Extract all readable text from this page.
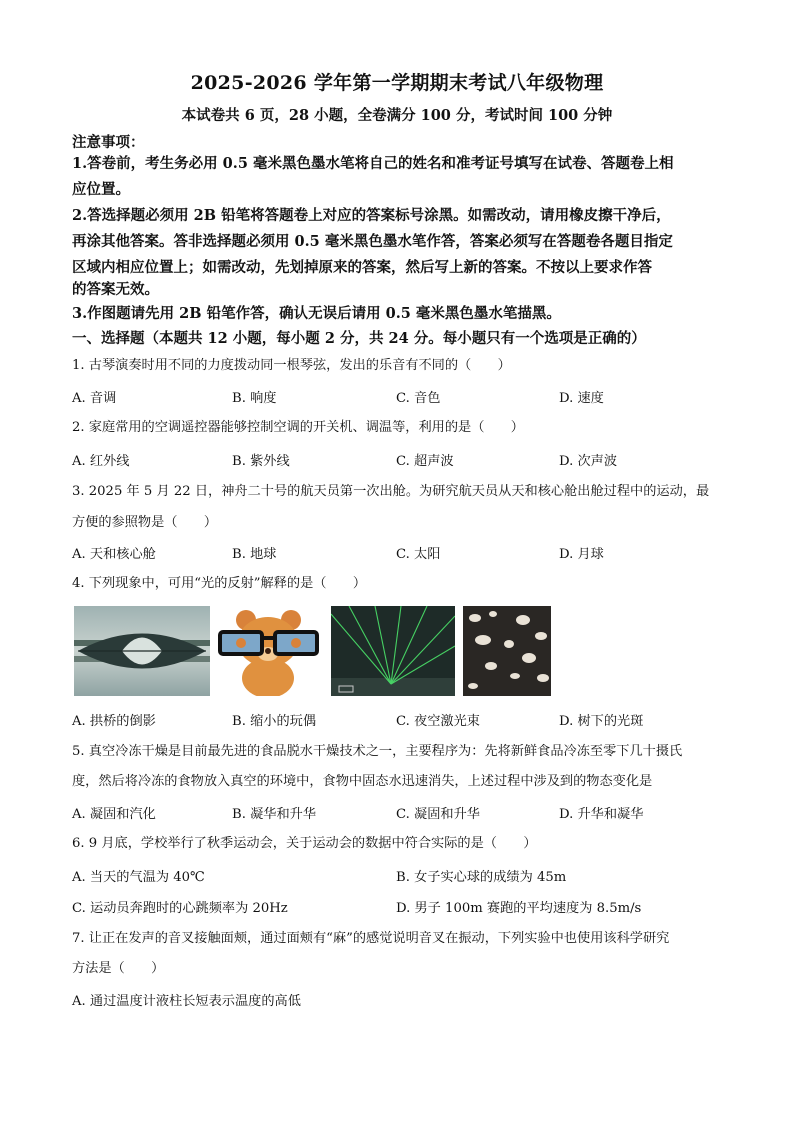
2025-2026 学年第一学期期末考试八年级物理
本试卷共 6 页，28 小题，全卷满分 100 分，考试时间 100 分钟
注意事项：
1.答卷前，考生务必用 0.5 毫米黑色墨水笔将自己的姓名和准考证号填写在试卷、答题卷上相
应位置。
2.答选择题必须用 2B 铅笔将答题卷上对应的答案标号涂黑。如需改动，请用橡皮擦干净后，
再涂其他答案。答非选择题必须用 0.5 毫米黑色墨水笔作答，答案必须写在答题卷各题目指定
区域内相应位置上；如需改动，先划掉原来的答案，然后写上新的答案。不按以上要求作答
的答案无效。
3.作图题请先用 2B 铅笔作答，确认无误后请用 0.5 毫米黑色墨水笔描黑。
一、选择题（本题共 12 小题，每小题 2 分，共 24 分。每小题只有一个选项是正确的）
1. 古琴演奏时用不同的力度拨动同一根琴弦，发出的乐音有不同的（　　）
A. 音调	B. 响度	C. 音色	D. 速度
2. 家庭常用的空调遥控器能够控制空调的开关机、调温等，利用的是（　　）
A. 红外线	B. 紫外线	C. 超声波	D. 次声波
3. 2025 年 5 月 22 日，神舟二十号的航天员第一次出舱。为研究航天员从天和核心舱出舱过程中的运动，最
方便的参照物是（　　）
A. 天和核心舱	B. 地球	C. 太阳	D. 月球
4. 下列现象中，可用“光的反射”解释的是（　　）
A. 拱桥的倒影	B. 缩小的玩偶	C. 夜空激光束	D. 树下的光斑
5. 真空冷冻干燥是目前最先进的食品脱水干燥技术之一，主要程序为：先将新鲜食品冷冻至零下几十摄氏
度，然后将冷冻的食物放入真空的环境中，食物中固态水迅速消失，上述过程中涉及到的物态变化是
A. 凝固和汽化	B. 凝华和升华	C. 凝固和升华	D. 升华和凝华
6. 9 月底，学校举行了秋季运动会，关于运动会的数据中符合实际的是（　　）
A. 当天的气温为 40℃	B. 女子实心球的成绩为 45m
C. 运动员奔跑时的心跳频率为 20Hz	D. 男子 100m 赛跑的平均速度为 8.5m/s
7. 让正在发声的音叉接触面颊，通过面颊有“麻”的感觉说明音叉在振动，下列实验中也使用该科学研究
方法是（　　）
A. 通过温度计液柱长短表示温度的高低
